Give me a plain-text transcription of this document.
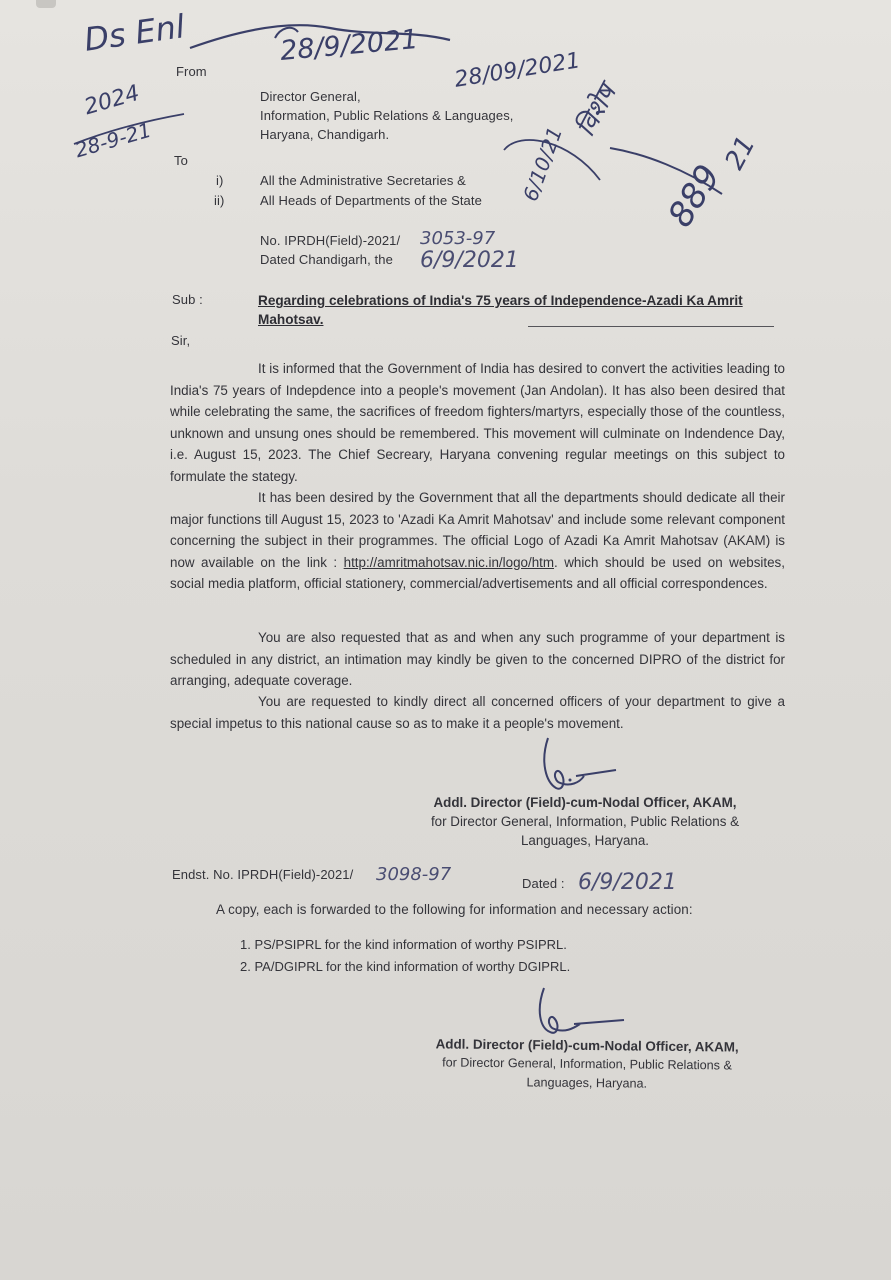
Ds Enl	28/9/2021
28/09/2021
From
2024
28-9-21
Director General,
Information, Public Relations & Languages,
Haryana, Chandigarh.
To
विशेष
6/10/21	889
21
i)	All the Administrative Secretaries &
ii)	All Heads of Departments of the State
No. IPRDH(Field)-2021/ 3053-97
Dated Chandigarh, the 6/9/2021
Sub :	Regarding celebrations of India's 75 years of Independence-Azadi Ka Amrit Mahotsav.
Sir,
It is informed that the Government of India has desired to convert the activities leading to India's 75 years of Indepdence into a people's movement (Jan Andolan). It has also been desired that while celebrating the same, the sacrifices of freedom fighters/martyrs, especially those of the countless, unknown and unsung ones should be remembered. This movement will culminate on Indendence Day, i.e. August 15, 2023. The Chief Secreary, Haryana convening regular meetings on this subject to formulate the stategy.
It has been desired by the Government that all the departments should dedicate all their major functions till August 15, 2023 to 'Azadi Ka Amrit Mahotsav' and include some relevant component concerning the subject in their programmes. The official Logo of Azadi Ka Amrit Mahotsav (AKAM) is now available on the link : http://amritmahotsav.nic.in/logo/htm. which should be used on websites, social media platform, official stationery, commercial/advertisements and all official correspondences.
You are also requested that as and when any such programme of your department is scheduled in any district, an intimation may kindly be given to the concerned DIPRO of the district for arranging, adequate coverage.
You are requested to kindly direct all concerned officers of your department to give a special impetus to this national cause so as to make it a people's movement.
Addl. Director (Field)-cum-Nodal Officer, AKAM,
for Director General, Information, Public Relations &
Languages, Haryana.
Endst. No. IPRDH(Field)-2021/ 3098-97	Dated : 6/9/2021
A copy, each is forwarded to the following for information and necessary action:
1. PS/PSIPRL for the kind information of worthy PSIPRL.
2. PA/DGIPRL for the kind information of worthy DGIPRL.
Addl. Director (Field)-cum-Nodal Officer, AKAM,
for Director General, Information, Public Relations &
Languages, Haryana.
